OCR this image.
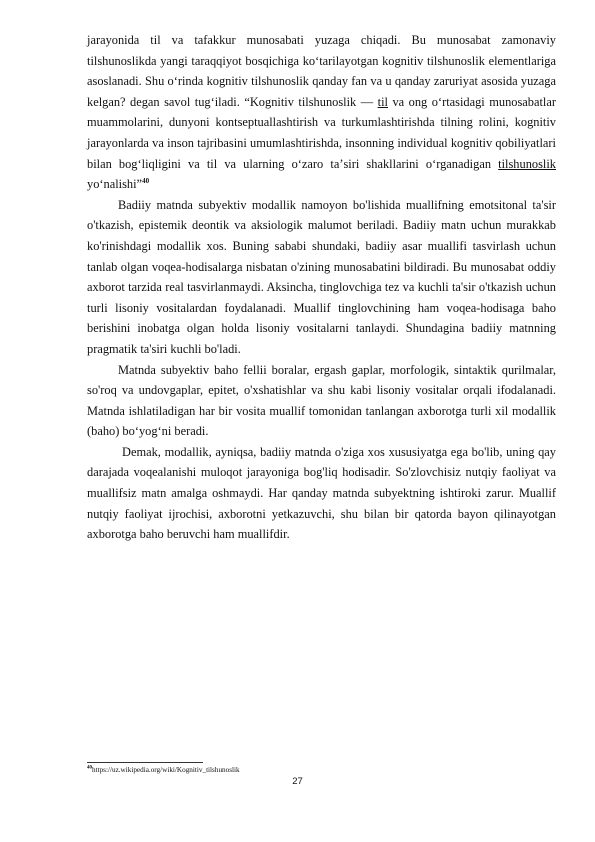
jarayonida til va tafakkur munosabati yuzaga chiqadi. Bu munosabat zamonaviy tilshunoslikda yangi taraqqiyot bosqichiga koʻtarilayotgan kognitiv tilshunoslik elementlariga asoslanadi. Shu oʻrinda kognitiv tilshunoslik qanday fan va u qanday zaruriyat asosida yuzaga kelgan? degan savol tugʻiladi. “Kognitiv tilshunoslik — til va ong oʻrtasidagi munosabatlar muammolarini, dunyoni kontseptuallashtirish va turkumlashtirishda tilning rolini, kognitiv jarayonlarda va inson tajribasini umumlashtirishda, insonning individual kognitiv qobiliyatlari bilan bogʻliqligini va til va ularning oʻzaro taʼsiri shakllarini oʻrganadigan tilshunoslik yoʻnalishi”$^{40}$

Badiiy matnda subyektiv modallik namoyon bo'lishida muallifning emotsitonal ta'sir o'tkazish, epistemik deontik va aksiologik malumot beriladi. Badiiy matn uchun murakkab ko'rinishdagi modallik xos. Buning sababi shundaki, badiiy asar muallifi tasvirlash uchun tanlab olgan voqea-hodisalarga nisbatan o'zining munosabatini bildiradi. Bu munosabat oddiy axborot tarzida real tasvirlanmaydi. Aksincha, tinglovchiga tez va kuchli ta'sir o'tkazish uchun turli lisoniy vositalardan foydalanadi. Muallif tinglovchining ham voqea-hodisaga baho berishini inobatga olgan holda lisoniy vositalarni tanlaydi. Shundagina badiiy matnning pragmatik ta'siri kuchli bo'ladi.

Matnda subyektiv baho fellii boralar, ergash gaplar, morfologik, sintaktik qurilmalar, so'roq va undovgaplar, epitet, o'xshatishlar va shu kabi lisoniy vositalar orqali ifodalanadi. Matnda ishlatiladigan har bir vosita muallif tomonidan tanlangan axborotga turli xil modallik (baho) boʻyogʻni beradi.

Demak, modallik, ayniqsa, badiiy matnda o'ziga xos xususiyatga ega bo'lib, uning qay darajada voqealanishi muloqot jarayoniga bog'liq hodisadir. So'zlovchisiz nutqiy faoliyat va muallifsiz matn amalga oshmaydi. Har qanday matnda subyektning ishtiroki zarur. Muallif nutqiy faoliyat ijrochisi, axborotni yetkazuvchi, shu bilan bir qatorda bayon qilinayotgan axborotga baho beruvchi ham muallifdir.

$^{40}$https://uz.wikipedia.org/wiki/Kognitiv_tilshunoslik
27
